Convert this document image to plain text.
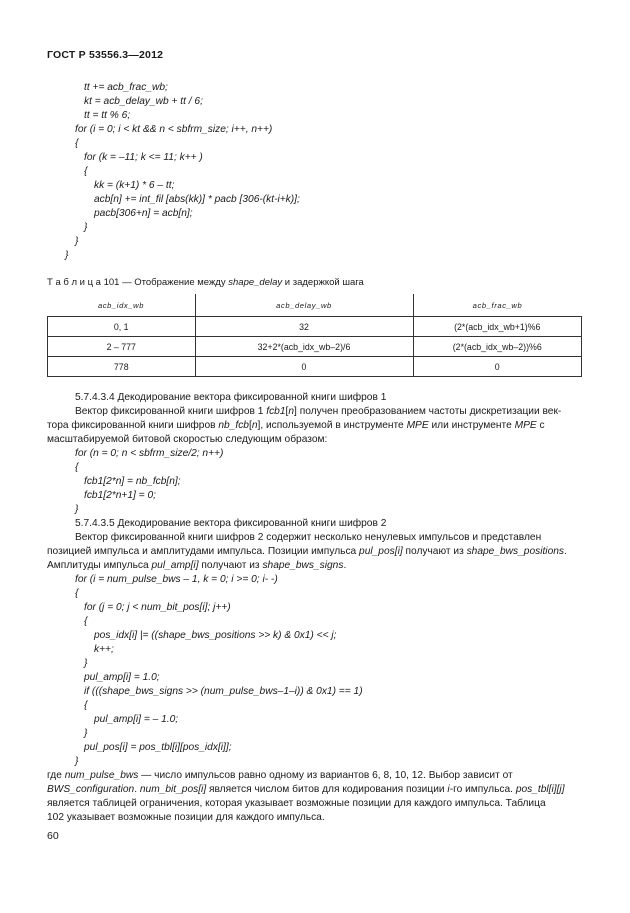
ГОСТ Р 53556.3—2012
tt += acb_frac_wb;
kt = acb_delay_wb + tt / 6;
tt = tt % 6;
for (i = 0; i < kt && n < sbfrm_size; i++, n++)
{
for (k = –11; k <= 11; k++ )
{
kk = (k+1) * 6 – tt;
acb[n] += int_fil [abs(kk)] * pacb [306-(kt-i+k)];
pacb[306+n] = acb[n];
}
}
}
Т а б л и ц а 101 — Отображение между shape_delay и задержкой шага
acb_idx_wb	acb_delay_wb	acb_frac_wb
0, 1	32	(2*(acb_idx_wb+1)%6
2 – 777	32+2*(acb_idx_wb–2)/6	(2*(acb_idx_wb–2))%6
778	0	0
5.7.4.3.4 Декодирование вектора фиксированной книги шифров 1
Вектор фиксированной книги шифров 1 fcb1[n] получен преобразованием частоты дискретизации век-
тора фиксированной книги шифров nb_fcb[n], используемой в инструменте MPE или инструменте MPE с
масштабируемой битовой скоростью следующим образом:
for (n = 0; n < sbfrm_size/2; n++)
{
fcb1[2*n] = nb_fcb[n];
fcb1[2*n+1] = 0;
}
5.7.4.3.5 Декодирование вектора фиксированной книги шифров 2
Вектор фиксированной книги шифров 2 содержит несколько ненулевых импульсов и представлен
позицией импульса и амплитудами импульса. Позиции импульса pul_pos[i] получают из shape_bws_positions.
Амплитуды импульса pul_amp[i] получают из shape_bws_signs.
for (i = num_pulse_bws – 1, k = 0; i >= 0; i- -)
{
for (j = 0; j < num_bit_pos[i]; j++)
{
pos_idx[i] |= ((shape_bws_positions >> k) & 0x1) << j;
k++;
}
pul_amp[i] = 1.0;
if (((shape_bws_signs >> (num_pulse_bws–1–i)) & 0x1) == 1)
{
pul_amp[i] = – 1.0;
}
pul_pos[i] = pos_tbl[i][pos_idx[i]];
}
где num_pulse_bws — число импульсов равно одному из вариантов 6, 8, 10, 12. Выбор зависит от
BWS_configuration. num_bit_pos[i] является числом битов для кодирования позиции i-го импульса. pos_tbl[i][j]
является таблицей ограничения, которая указывает возможные позиции для каждого импульса. Таблица
102 указывает возможные позиции для каждого импульса.
60
